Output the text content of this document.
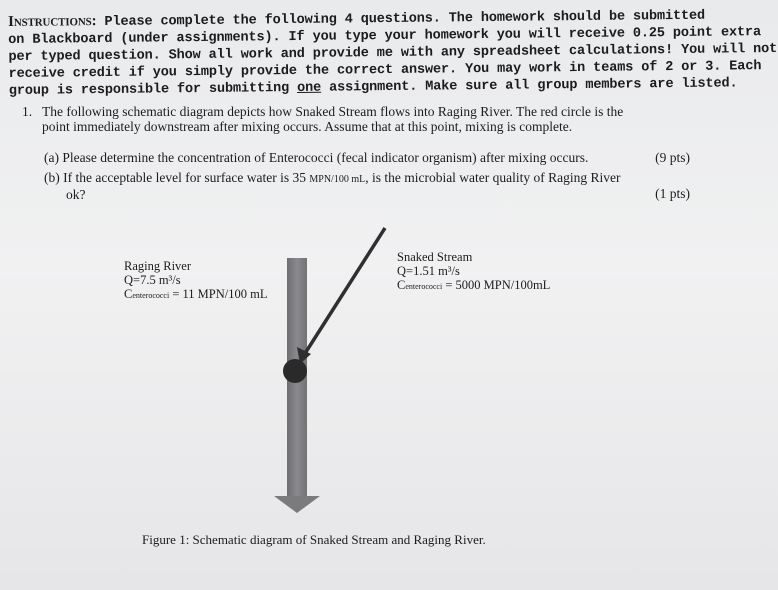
Instructions: Please complete the following 4 questions. The homework should be submitted
on Blackboard (under assignments). If you type your homework you will receive 0.25 point extra
per typed question. Show all work and provide me with any spreadsheet calculations! You will not
receive credit if you simply provide the correct answer. You may work in teams of 2 or 3. Each
group is responsible for submitting one assignment. Make sure all group members are listed.
1. The following schematic diagram depicts how Snaked Stream flows into Raging River. The red circle is the
point immediately downstream after mixing occurs. Assume that at this point, mixing is complete.
(a) Please determine the concentration of Enterococci (fecal indicator organism) after mixing occurs.	(9 pts)
(b) If the acceptable level for surface water is 35 MPN/100 mL, is the microbial water quality of Raging River
ok?	(1 pts)
Raging River
Q=7.5 m³/s
Centerococci = 11 MPN/100 mL
Snaked Stream
Q=1.51 m³/s
Centerococci = 5000 MPN/100mL
Figure 1: Schematic diagram of Snaked Stream and Raging River.
